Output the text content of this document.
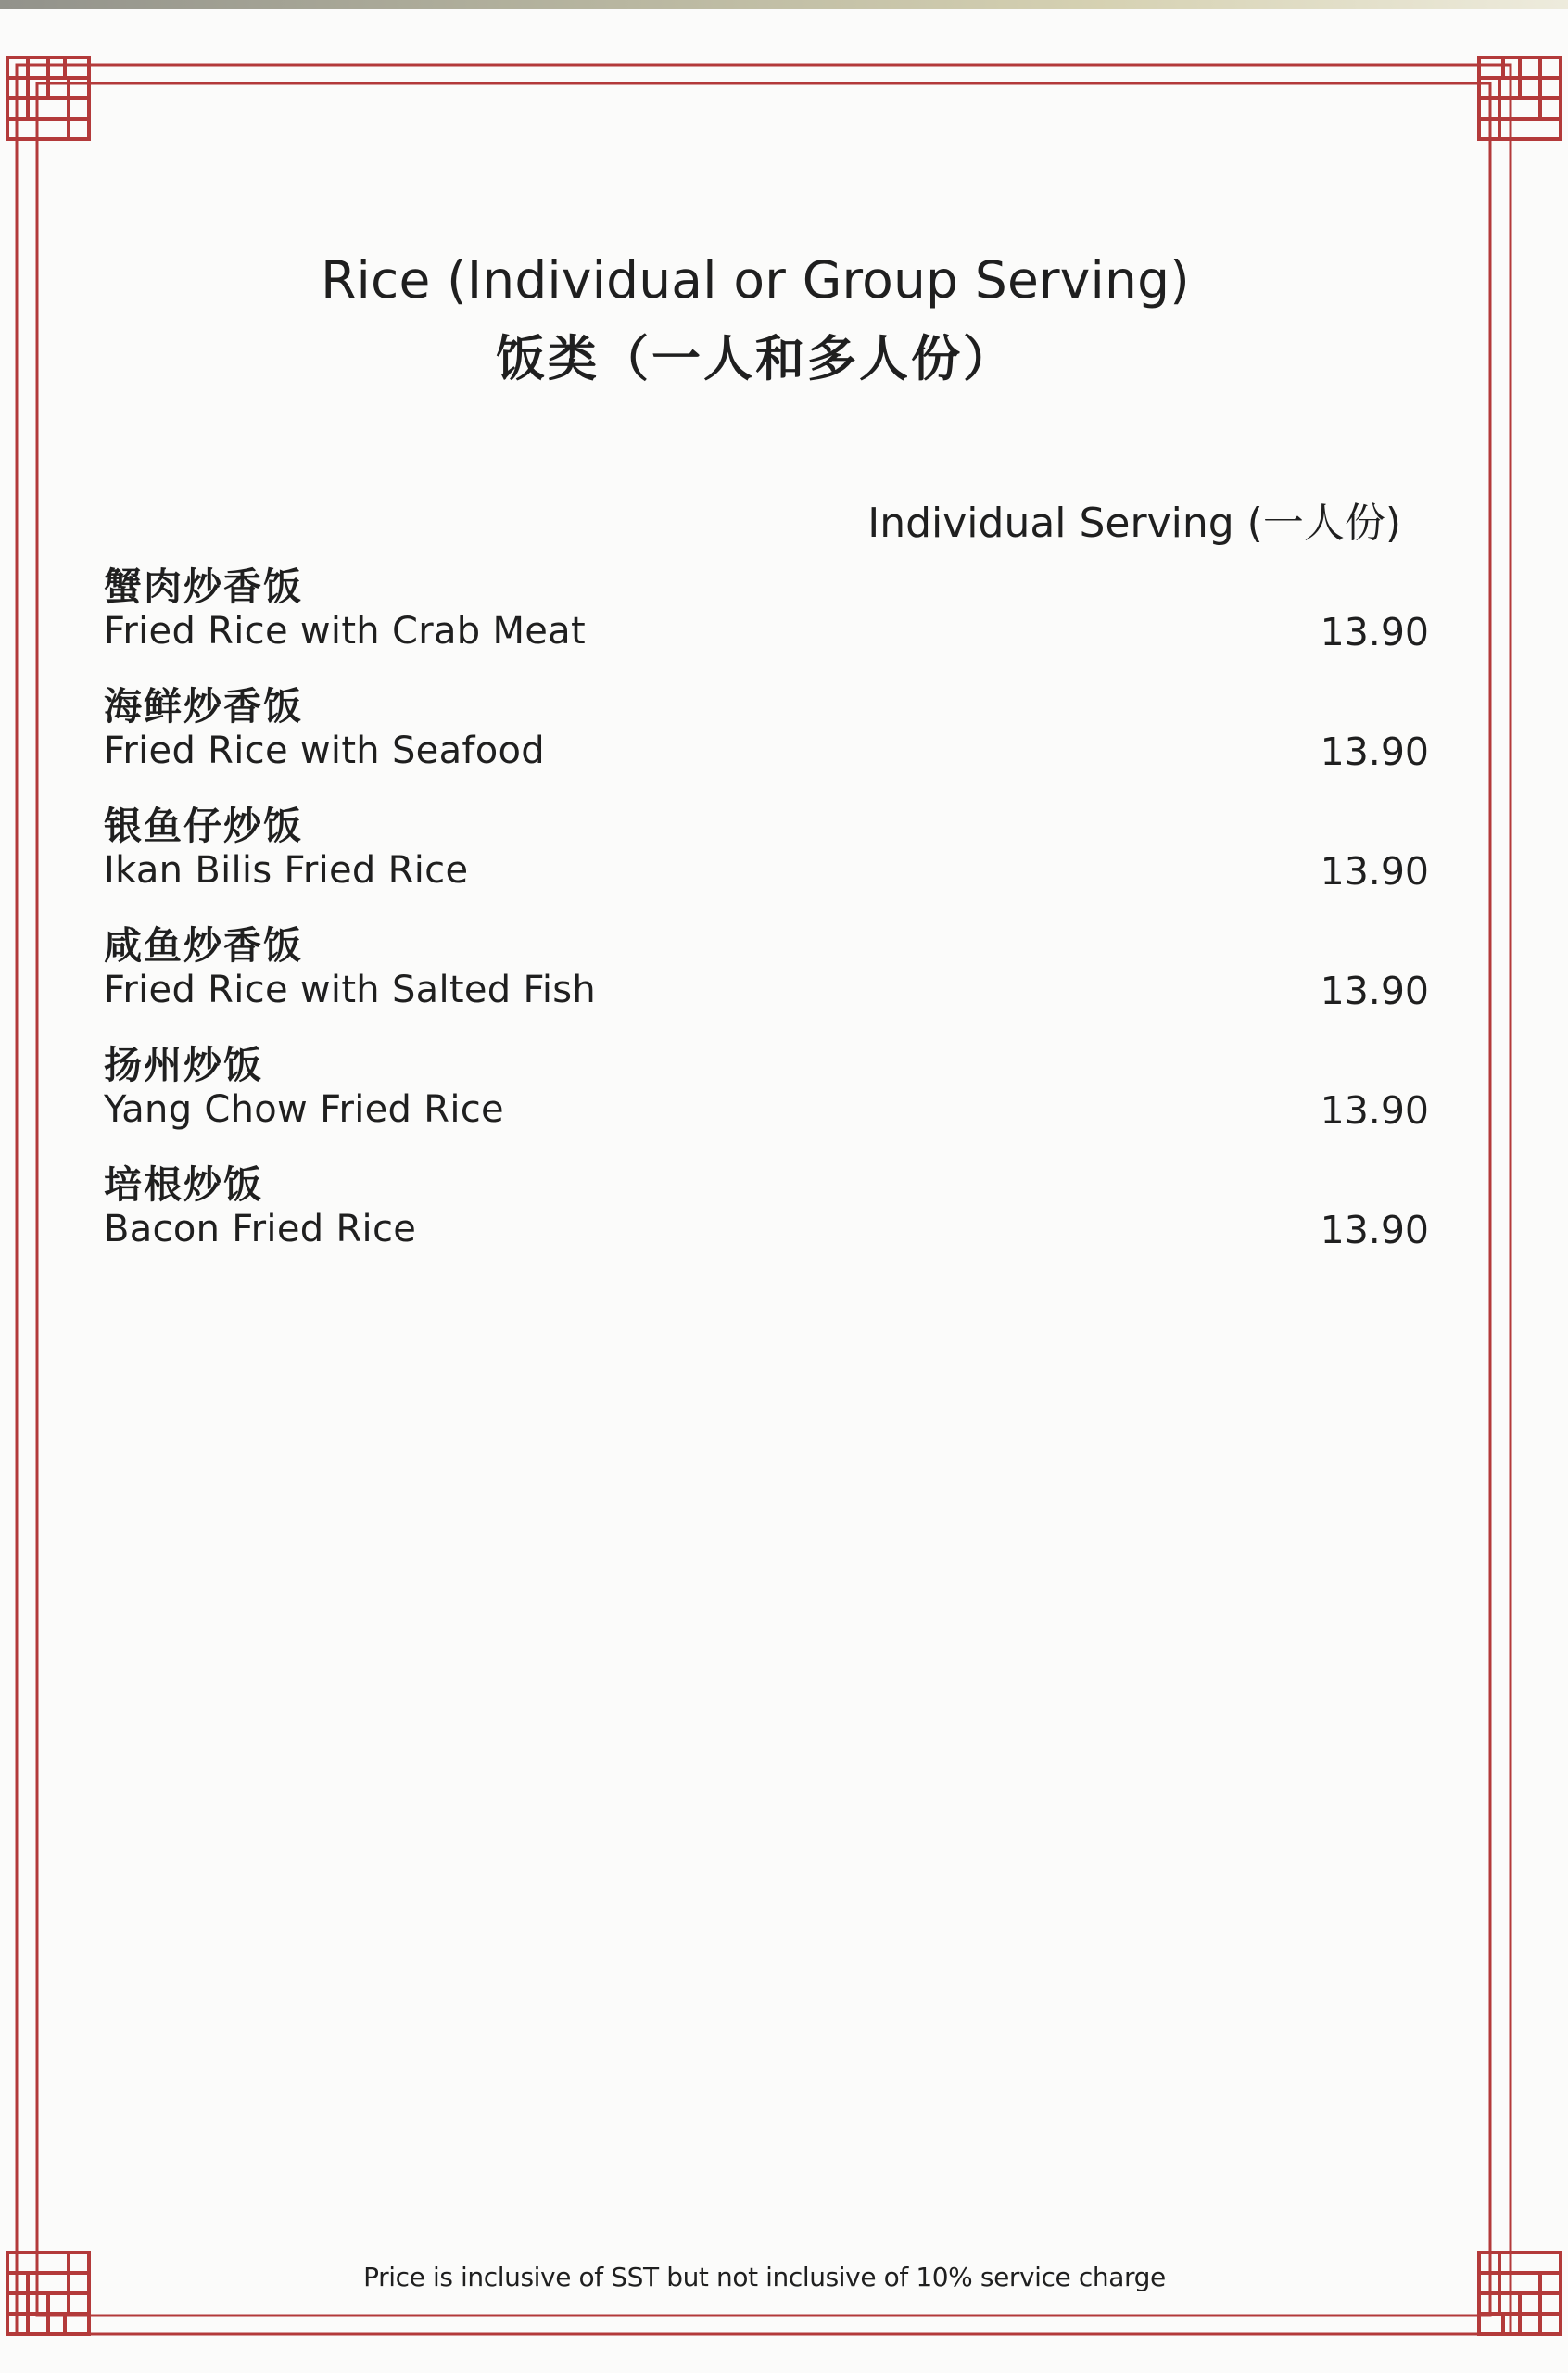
Rice (Individual or Group Serving)
饭类（一人和多人份）
Individual Serving (一人份)
蟹肉炒香饭
Fried Rice with Crab Meat	13.90
海鲜炒香饭
Fried Rice with Seafood	13.90
银鱼仔炒饭
Ikan Bilis Fried Rice	13.90
咸鱼炒香饭
Fried Rice with Salted Fish	13.90
扬州炒饭
Yang Chow Fried Rice	13.90
培根炒饭
Bacon Fried Rice	13.90
Price is inclusive of SST but not inclusive of 10% service charge
